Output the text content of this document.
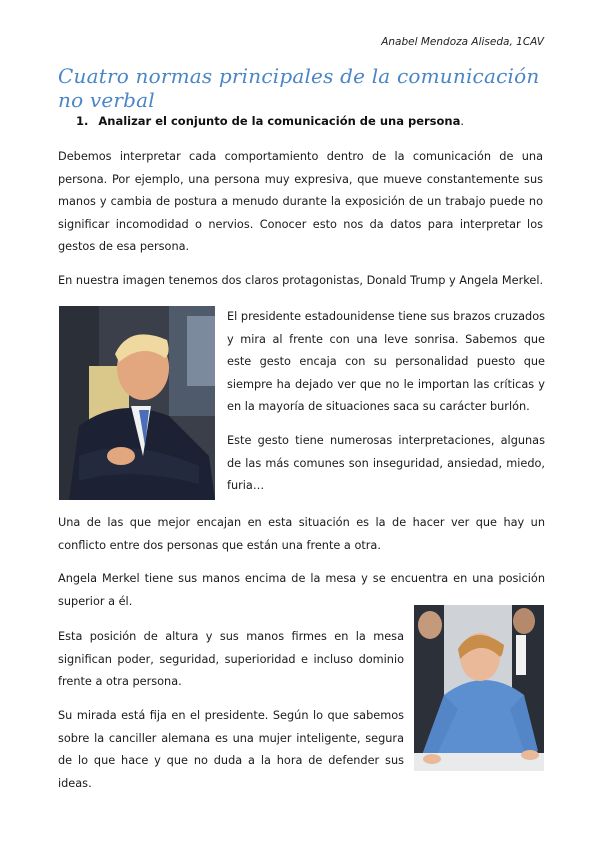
Anabel Mendoza Aliseda, 1CAV
Cuatro normas principales de la comunicación no verbal
1. Analizar el conjunto de la comunicación de una persona.
Debemos interpretar cada comportamiento dentro de la comunicación de una persona. Por ejemplo, una persona muy expresiva, que mueve constantemente sus manos y cambia de postura a menudo durante la exposición de un trabajo puede no significar incomodidad o nervios. Conocer esto nos da datos para interpretar los gestos de esa persona.
En nuestra imagen tenemos dos claros protagonistas, Donald Trump y Angela Merkel.
El presidente estadounidense tiene sus brazos cruzados y mira al frente con una leve sonrisa. Sabemos que este gesto encaja con su personalidad puesto que siempre ha dejado ver que no le importan las críticas y en la mayoría de situaciones saca su carácter burlón.
Este gesto tiene numerosas interpretaciones, algunas de las más comunes son inseguridad, ansiedad, miedo, furia…
Una de las que mejor encajan en esta situación es la de hacer ver que hay un conflicto entre dos personas que están una frente a otra.
Angela Merkel tiene sus manos encima de la mesa y se encuentra en una posición superior a él.
Esta posición de altura y sus manos firmes en la mesa significan poder, seguridad, superioridad e incluso dominio frente a otra persona.
Su mirada está fija en el presidente. Según lo que sabemos sobre la canciller alemana es una mujer inteligente, segura de lo que hace y que no duda a la hora de defender sus ideas.
